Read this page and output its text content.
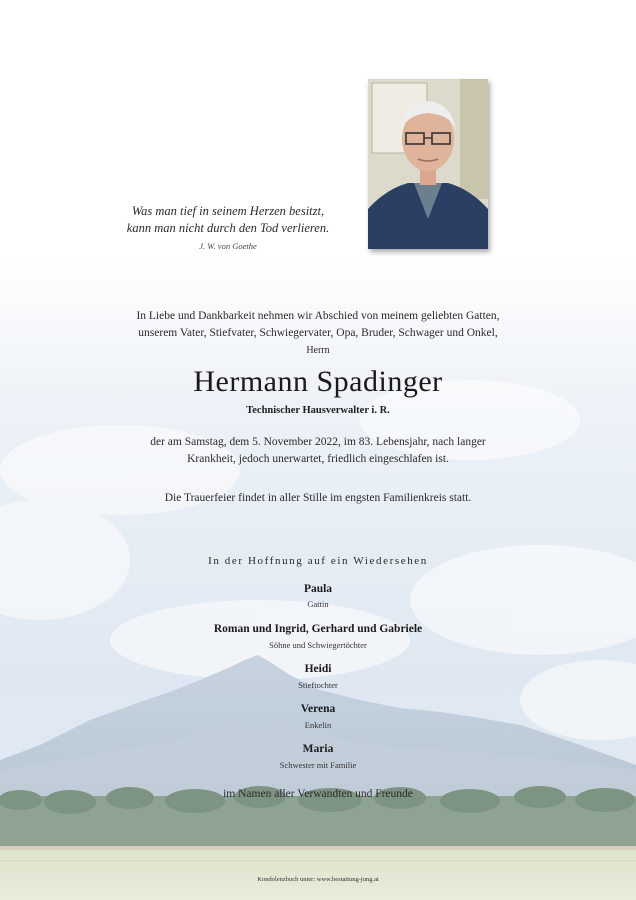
Was man tief in seinem Herzen besitzt,

kann man nicht durch den Tod verlieren.

J. W. von Goethe

In Liebe und Dankbarkeit nehmen wir Abschied von meinem geliebten Gatten,

unserem Vater, Stiefvater, Schwiegervater, Opa, Bruder, Schwager und Onkel,

Herrn

Hermann Spadinger

Technischer Hausverwalter i. R.

der am Samstag, dem 5. November 2022, im 83. Lebensjahr, nach langer

Krankheit, jedoch unerwartet, friedlich eingeschlafen ist.

Die Trauerfeier findet in aller Stille im engsten Familienkreis statt.

In der Hoffnung auf ein Wiedersehen

Paula

Gattin

Roman und Ingrid, Gerhard und Gabriele

Söhne und Schwiegertöchter

Heidi

Stieftochter

Verena

Enkelin

Maria

Schwester mit Familie

im Namen aller Verwandten und Freunde

Kondolenzbuch unter: www.bestattung-jung.at
